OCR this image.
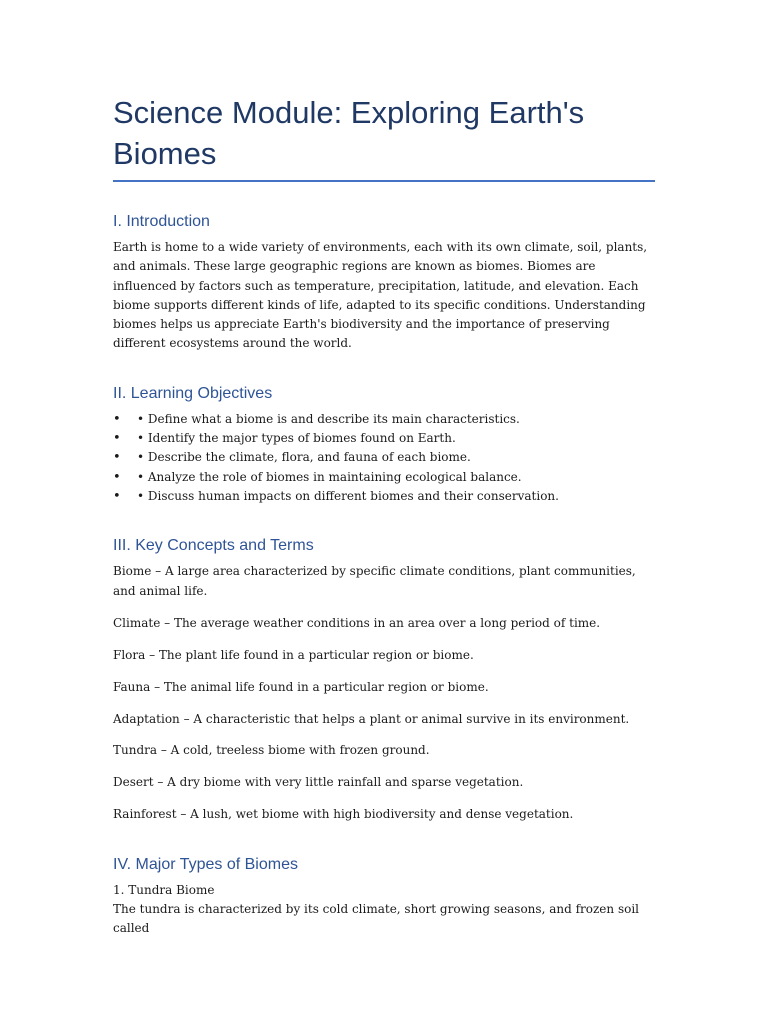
Science Module: Exploring Earth's Biomes
I. Introduction

Earth is home to a wide variety of environments, each with its own climate, soil, plants, and animals. These large geographic regions are known as biomes. Biomes are influenced by factors such as temperature, precipitation, latitude, and elevation. Each biome supports different kinds of life, adapted to its specific conditions. Understanding biomes helps us appreciate Earth's biodiversity and the importance of preserving different ecosystems around the world.

II. Learning Objectives
• • Define what a biome is and describe its main characteristics.
• • Identify the major types of biomes found on Earth.
• • Describe the climate, flora, and fauna of each biome.
• • Analyze the role of biomes in maintaining ecological balance.
• • Discuss human impacts on different biomes and their conservation.
III. Key Concepts and Terms

Biome – A large area characterized by specific climate conditions, plant communities, and animal life.

Climate – The average weather conditions in an area over a long period of time.

Flora – The plant life found in a particular region or biome.

Fauna – The animal life found in a particular region or biome.

Adaptation – A characteristic that helps a plant or animal survive in its environment.

Tundra – A cold, treeless biome with frozen ground.

Desert – A dry biome with very little rainfall and sparse vegetation.

Rainforest – A lush, wet biome with high biodiversity and dense vegetation.

IV. Major Types of Biomes

1. Tundra Biome

The tundra is characterized by its cold climate, short growing seasons, and frozen soil called
